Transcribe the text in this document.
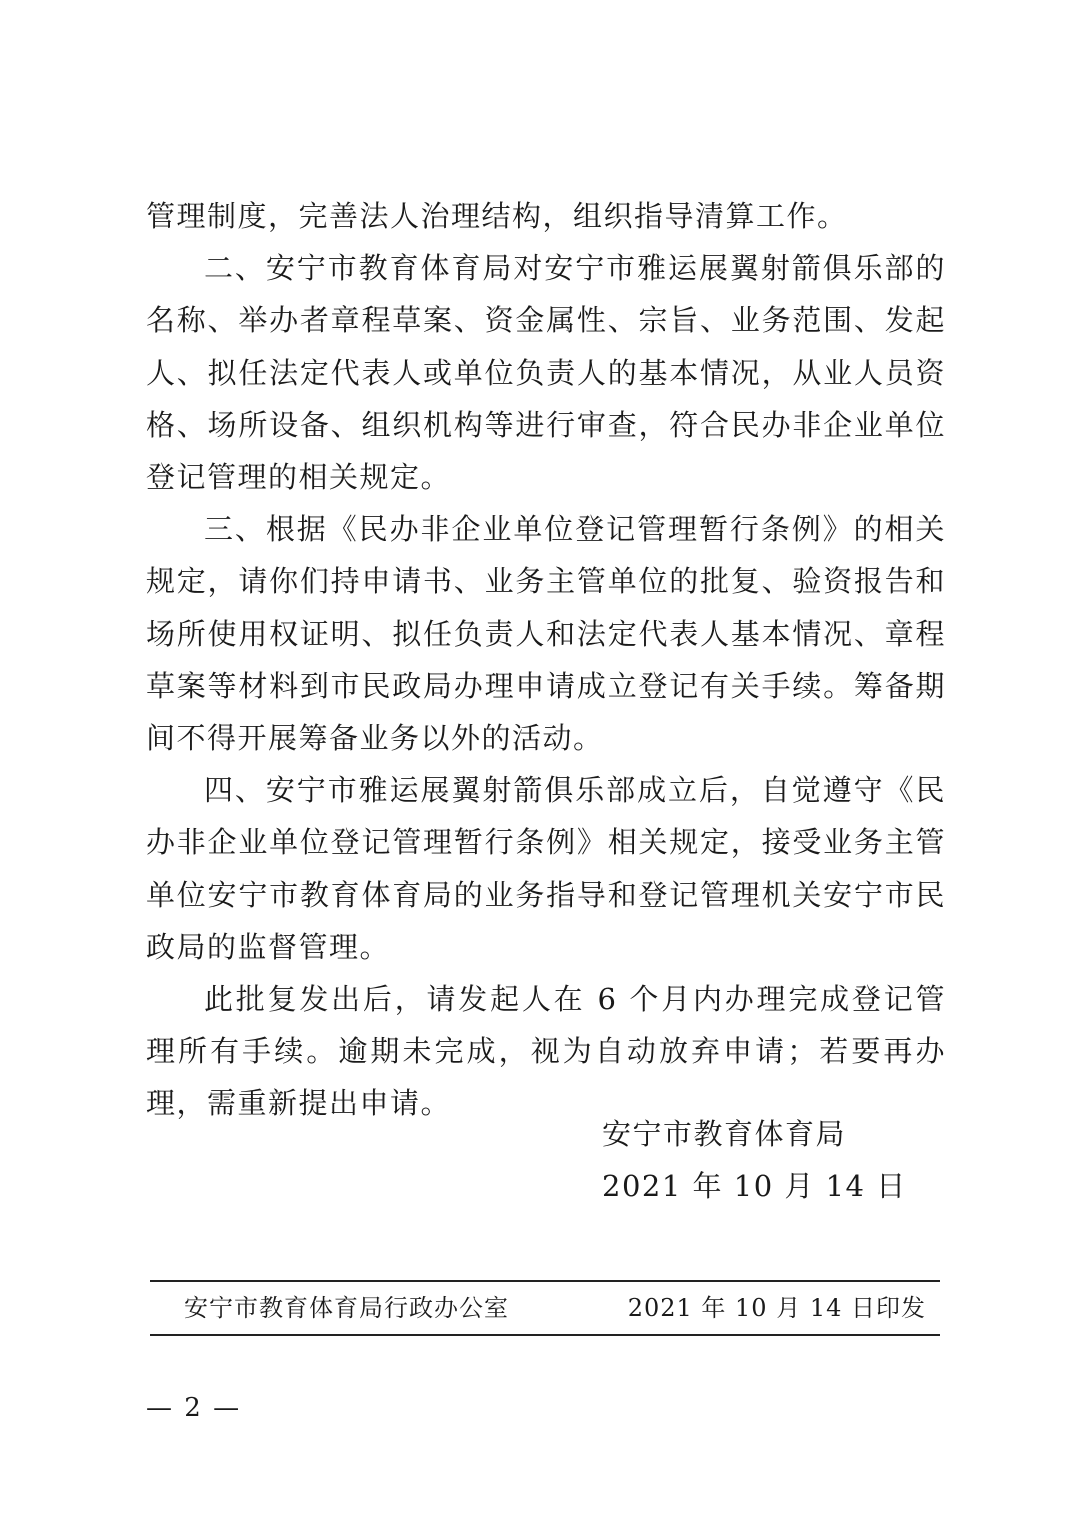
管理制度，完善法人治理结构，组织指导清算工作。

二、安宁市教育体育局对安宁市雅运展翼射箭俱乐部的名称、举办者章程草案、资金属性、宗旨、业务范围、发起人、拟任法定代表人或单位负责人的基本情况，从业人员资格、场所设备、组织机构等进行审查，符合民办非企业单位登记管理的相关规定。

三、根据《民办非企业单位登记管理暂行条例》的相关规定，请你们持申请书、业务主管单位的批复、验资报告和场所使用权证明、拟任负责人和法定代表人基本情况、章程草案等材料到市民政局办理申请成立登记有关手续。筹备期间不得开展筹备业务以外的活动。

四、安宁市雅运展翼射箭俱乐部成立后，自觉遵守《民办非企业单位登记管理暂行条例》相关规定，接受业务主管单位安宁市教育体育局的业务指导和登记管理机关安宁市民政局的监督管理。

此批复发出后，请发起人在 6 个月内办理完成登记管理所有手续。逾期未完成，视为自动放弃申请；若要再办理，需重新提出申请。

安宁市教育体育局
2021 年 10 月 14 日
安宁市教育体育局行政办公室	2021 年 10 月 14 日印发
— 2 —
